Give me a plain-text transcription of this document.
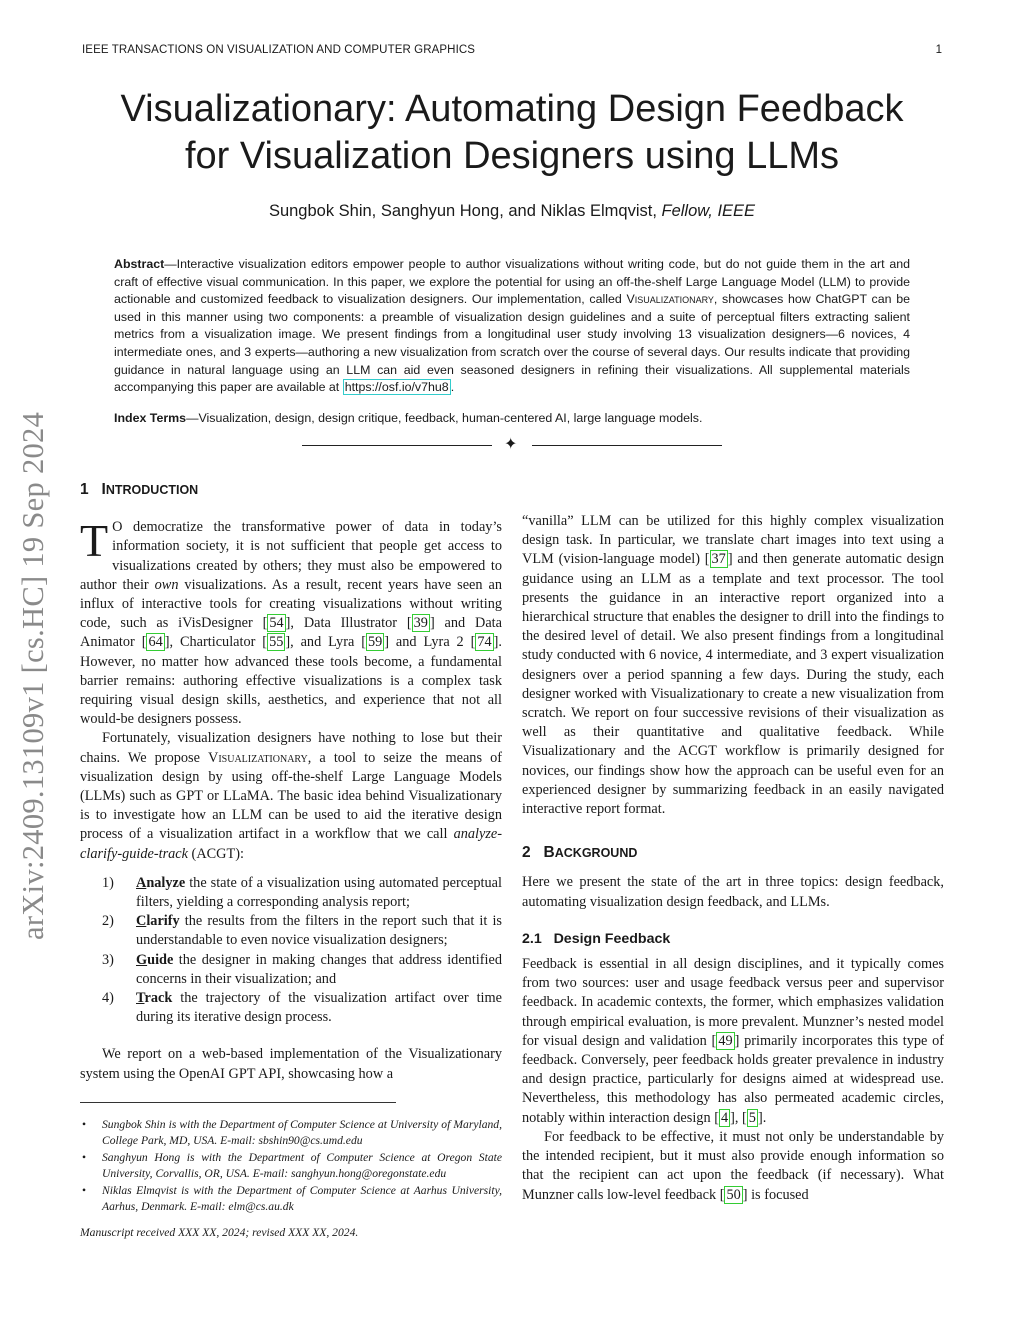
IEEE TRANSACTIONS ON VISUALIZATION AND COMPUTER GRAPHICS	1
arXiv:2409.13109v1 [cs.HC] 19 Sep 2024
Visualizationary: Automating Design Feedback
for Visualization Designers using LLMs
Sungbok Shin, Sanghyun Hong, and Niklas Elmqvist, Fellow, IEEE
Abstract—Interactive visualization editors empower people to author visualizations without writing code, but do not guide them in the art and craft of effective visual communication. In this paper, we explore the potential for using an off-the-shelf Large Language Model (LLM) to provide actionable and customized feedback to visualization designers. Our implementation, called Visualizationary, showcases how ChatGPT can be used in this manner using two components: a preamble of visualization design guidelines and a suite of perceptual filters extracting salient metrics from a visualization image. We present findings from a longitudinal user study involving 13 visualization designers—6 novices, 4 intermediate ones, and 3 experts—authoring a new visualization from scratch over the course of several days. Our results indicate that providing guidance in natural language using an LLM can aid even seasoned designers in refining their visualizations. All supplemental materials accompanying this paper are available at https://osf.io/v7hu8 .
Index Terms—Visualization, design, design critique, feedback, human-centered AI, large language models.
✦
1 INTRODUCTION

T O democratize the transformative power of data in today’s information society, it is not sufficient that people get access to visualizations created by others; they must also be empowered to author their own visualizations. As a result, recent years have seen an influx of interactive tools for creating visualizations without writing code, such as iVisDesigner [ 54 ], Data Illustrator [ 39 ] and Data Animator [ 64 ], Charticulator [ 55 ], and Lyra [ 59 ] and Lyra 2 [ 74 ]. However, no matter how advanced these tools become, a fundamental barrier remains: authoring effective visualizations is a complex task requiring visual design skills, aesthetics, and experience that not all would-be designers possess.

Fortunately, visualization designers have nothing to lose but their chains. We propose Visualizationary, a tool to seize the means of visualization design by using off-the-shelf Large Language Models (LLMs) such as GPT or LLaMA. The basic idea behind Visualizationary is to investigate how an LLM can be used to aid the iterative design process of a visualization artifact in a workflow that we call analyze-clarify-guide-track (ACGT):

1) Analyze the state of a visualization using automated perceptual filters, yielding a corresponding analysis report;
2) Clarify the results from the filters in the report such that it is understandable to even novice visualization designers;
3) Guide the designer in making changes that address identified concerns in their visualization; and
4) Track the trajectory of the visualization artifact over time during its iterative design process.

We report on a web-based implementation of the Visualizationary system using the OpenAI GPT API, showcasing how a

• Sungbok Shin is with the Department of Computer Science at University of Maryland, College Park, MD, USA. E-mail: sbshin90@cs.umd.edu
• Sanghyun Hong is with the Department of Computer Science at Oregon State University, Corvallis, OR, USA. E-mail: sanghyun.hong@oregonstate.edu
• Niklas Elmqvist is with the Department of Computer Science at Aarhus University, Aarhus, Denmark. E-mail: elm@cs.au.dk
Manuscript received XXX XX, 2024; revised XXX XX, 2024.

“vanilla” LLM can be utilized for this highly complex visualization design task. In particular, we translate chart images into text using a VLM (vision-language model) [ 37 ] and then generate automatic design guidance using an LLM as a template and text processor. The tool presents the guidance in an interactive report organized into a hierarchical structure that enables the designer to drill into the findings to the desired level of detail. We also present findings from a longitudinal study conducted with 6 novice, 4 intermediate, and 3 expert visualization designers over a period spanning a few days. During the study, each designer worked with Visualizationary to create a new visualization from scratch. We report on four successive revisions of their visualization as well as their quantitative and qualitative feedback. While Visualizationary and the ACGT workflow is primarily designed for novices, our findings show how the approach can be useful even for an experienced designer by summarizing feedback in an easily navigated interactive report format.

2 BACKGROUND

Here we present the state of the art in three topics: design feedback, automating visualization design feedback, and LLMs.

2.1 Design Feedback

Feedback is essential in all design disciplines, and it typically comes from two sources: user and usage feedback versus peer and supervisor feedback. In academic contexts, the former, which emphasizes validation through empirical evaluation, is more prevalent. Munzner’s nested model for visual design and validation [ 49 ] primarily incorporates this type of feedback. Conversely, peer feedback holds greater prevalence in industry and design practice, particularly for designs aimed at widespread use. Nevertheless, this methodology has also permeated academic circles, notably within interaction design [ 4 ], [ 5 ].

For feedback to be effective, it must not only be understandable by the intended recipient, but it must also provide enough information so that the recipient can act upon the feedback (if necessary). What Munzner calls low-level feedback [ 50 ] is focused
